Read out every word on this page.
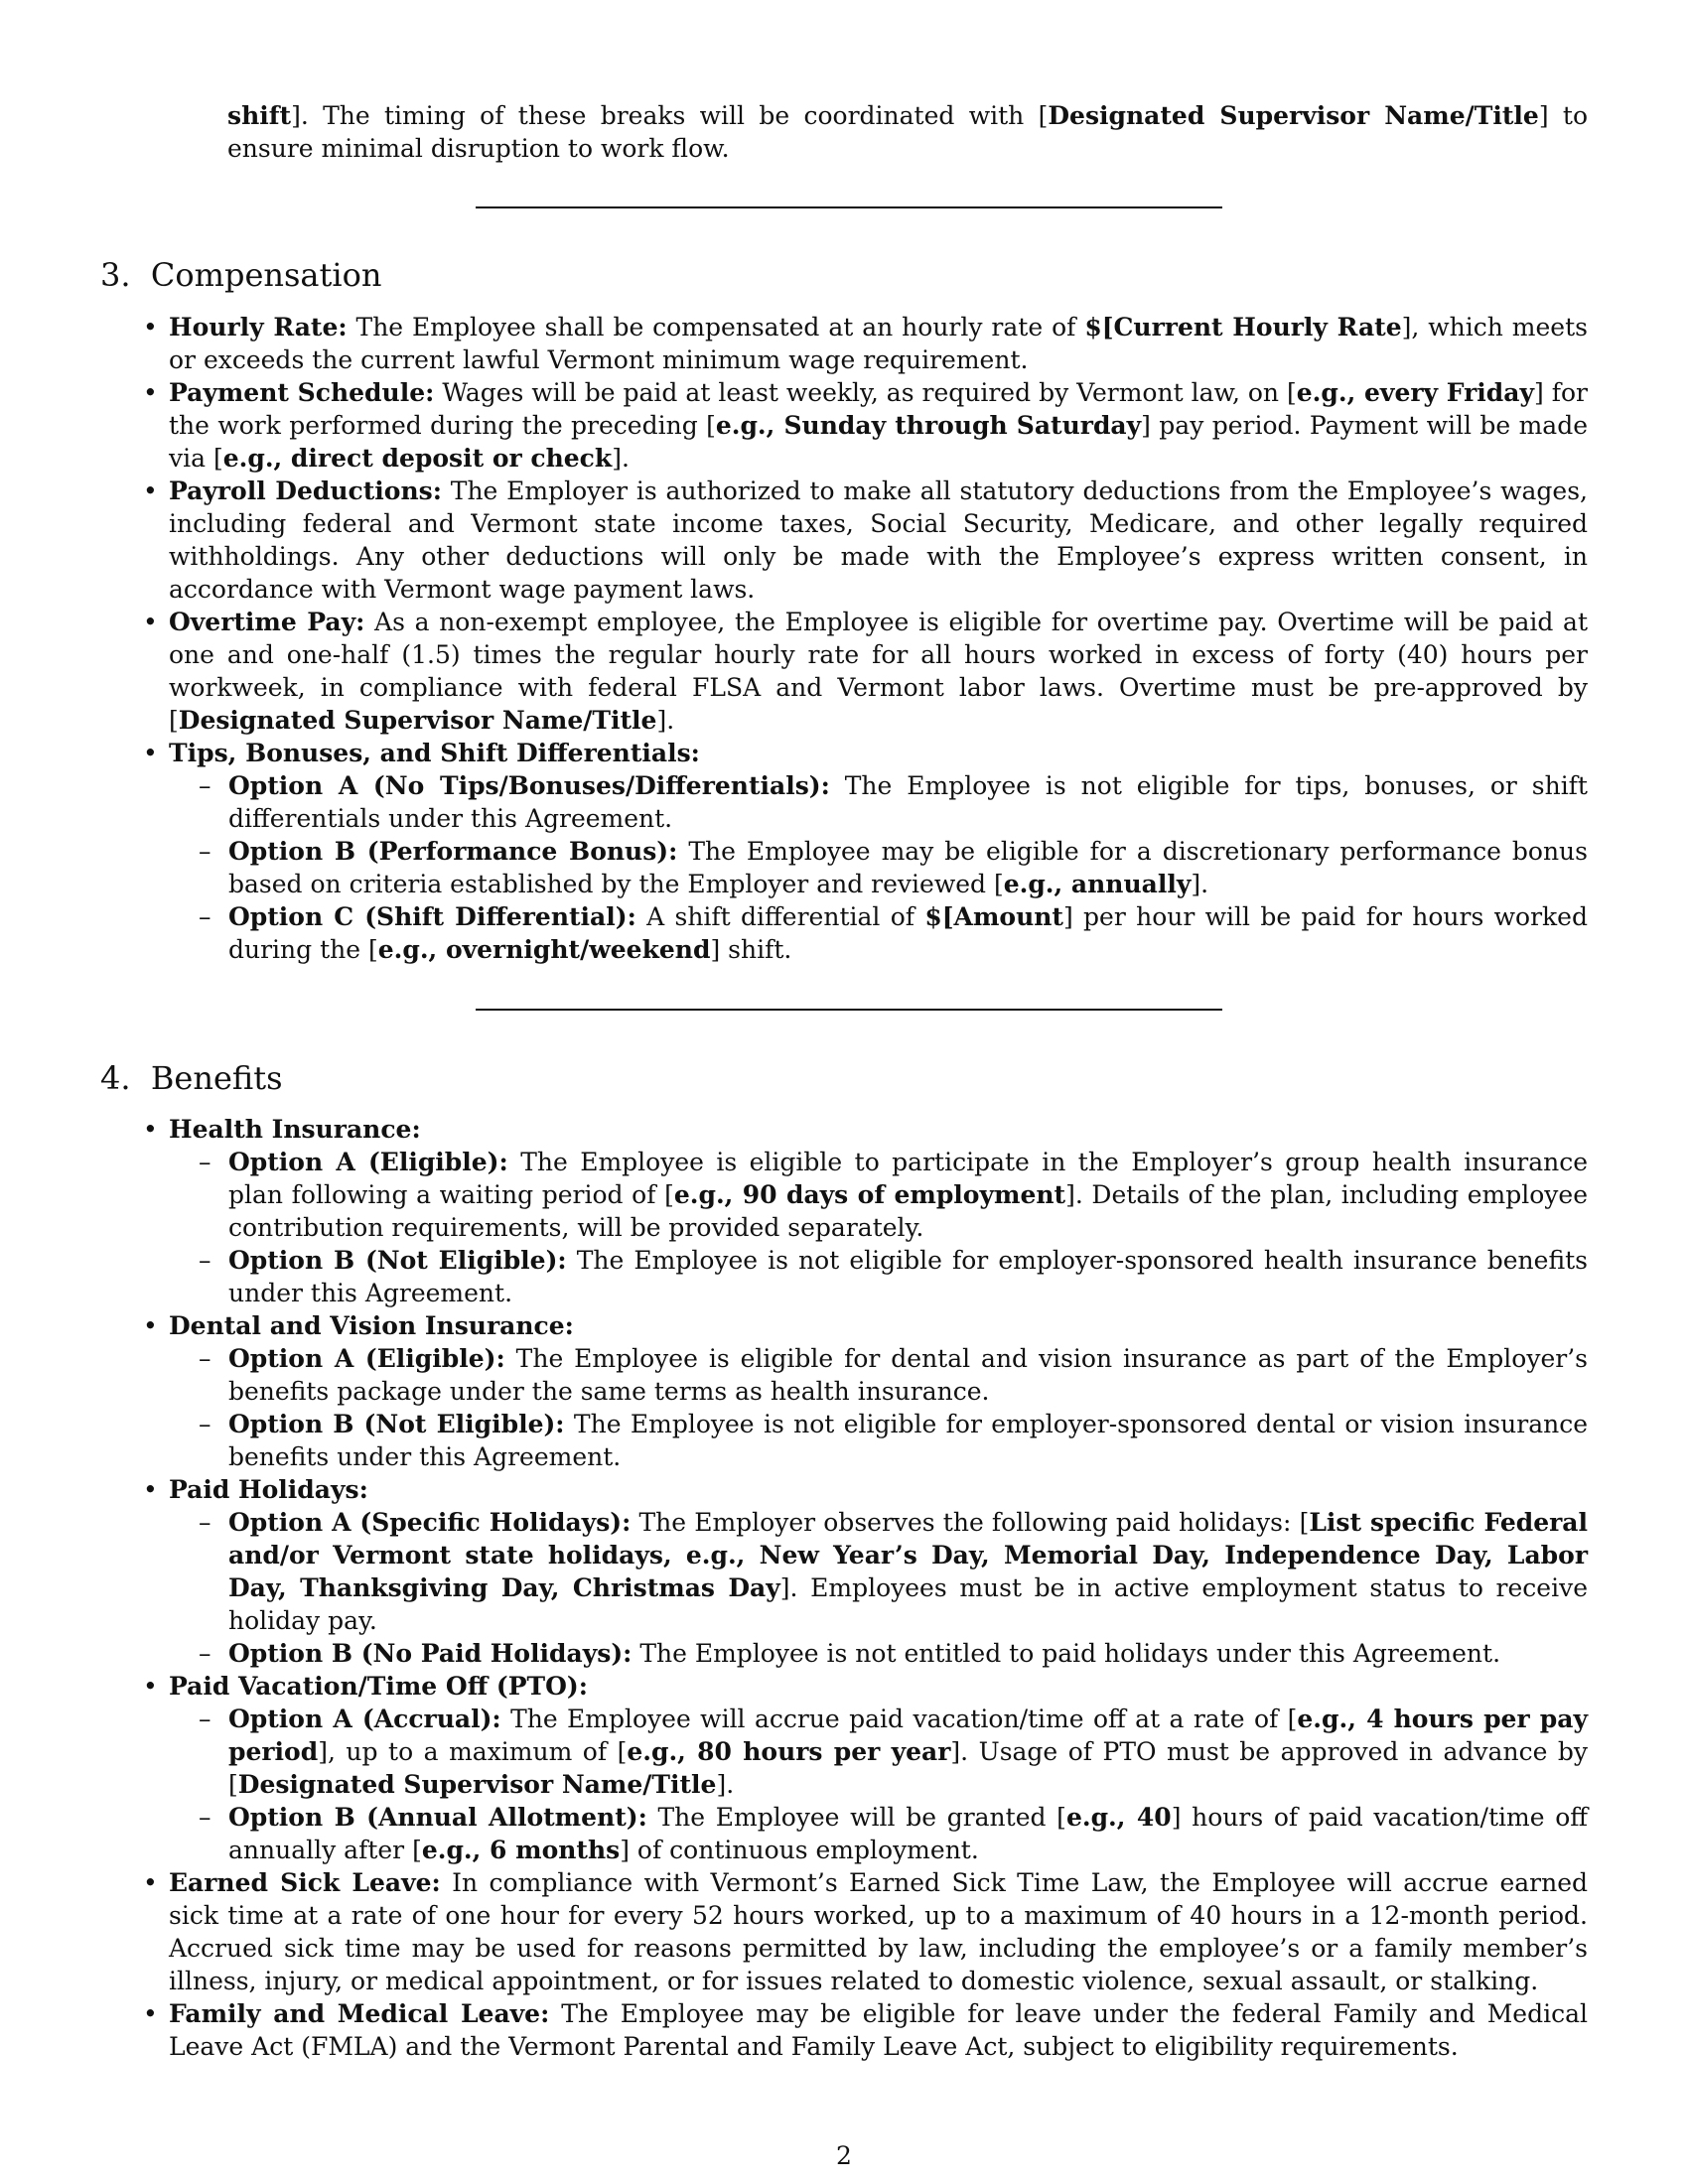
shift]. The timing of these breaks will be coordinated with [Designated Supervisor Name/Title] to ensure minimal disruption to work flow.

3.  Compensation
• Hourly Rate: The Employee shall be compensated at an hourly rate of $[Current Hourly Rate], which meets or exceeds the current lawful Vermont minimum wage requirement.
• Payment Schedule: Wages will be paid at least weekly, as required by Vermont law, on [e.g., every Friday] for the work performed during the preceding [e.g., Sunday through Saturday] pay period. Payment will be made via [e.g., direct deposit or check].
• Payroll Deductions: The Employer is authorized to make all statutory deductions from the Employee’s wages, including federal and Vermont state income taxes, Social Security, Medicare, and other legally required withholdings. Any other deductions will only be made with the Employee’s express written consent, in accordance with Vermont wage payment laws.
• Overtime Pay: As a non-exempt employee, the Employee is eligible for overtime pay. Overtime will be paid at one and one-half (1.5) times the regular hourly rate for all hours worked in excess of forty (40) hours per workweek, in compliance with federal FLSA and Vermont labor laws. Overtime must be pre-approved by [Designated Supervisor Name/Title].
• Tips, Bonuses, and Shift Differentials:
– Option A (No Tips/Bonuses/Differentials): The Employee is not eligible for tips, bonuses, or shift differentials under this Agreement.
– Option B (Performance Bonus): The Employee may be eligible for a discretionary performance bonus based on criteria established by the Employer and reviewed [e.g., annually].
– Option C (Shift Differential): A shift differential of $[Amount] per hour will be paid for hours worked during the [e.g., overnight/weekend] shift.
4.  Benefits
• Health Insurance:
– Option A (Eligible): The Employee is eligible to participate in the Employer’s group health insurance plan following a waiting period of [e.g., 90 days of employment]. Details of the plan, including employee contribution requirements, will be provided separately.
– Option B (Not Eligible): The Employee is not eligible for employer-sponsored health insurance benefits under this Agreement.
• Dental and Vision Insurance:
– Option A (Eligible): The Employee is eligible for dental and vision insurance as part of the Employer’s benefits package under the same terms as health insurance.
– Option B (Not Eligible): The Employee is not eligible for employer-sponsored dental or vision insurance benefits under this Agreement.
• Paid Holidays:
– Option A (Specific Holidays): The Employer observes the following paid holidays: [List specific Federal and/or Vermont state holidays, e.g., New Year’s Day, Memorial Day, Independence Day, Labor Day, Thanksgiving Day, Christmas Day]. Employees must be in active employment status to receive holiday pay.
– Option B (No Paid Holidays): The Employee is not entitled to paid holidays under this Agreement.
• Paid Vacation/Time Off (PTO):
– Option A (Accrual): The Employee will accrue paid vacation/time off at a rate of [e.g., 4 hours per pay period], up to a maximum of [e.g., 80 hours per year]. Usage of PTO must be approved in advance by [Designated Supervisor Name/Title].
– Option B (Annual Allotment): The Employee will be granted [e.g., 40] hours of paid vacation/time off annually after [e.g., 6 months] of continuous employment.
• Earned Sick Leave: In compliance with Vermont’s Earned Sick Time Law, the Employee will accrue earned sick time at a rate of one hour for every 52 hours worked, up to a maximum of 40 hours in a 12-month period. Accrued sick time may be used for reasons permitted by law, including the employee’s or a family member’s illness, injury, or medical appointment, or for issues related to domestic violence, sexual assault, or stalking.
• Family and Medical Leave: The Employee may be eligible for leave under the federal Family and Medical Leave Act (FMLA) and the Vermont Parental and Family Leave Act, subject to eligibility requirements.
2
